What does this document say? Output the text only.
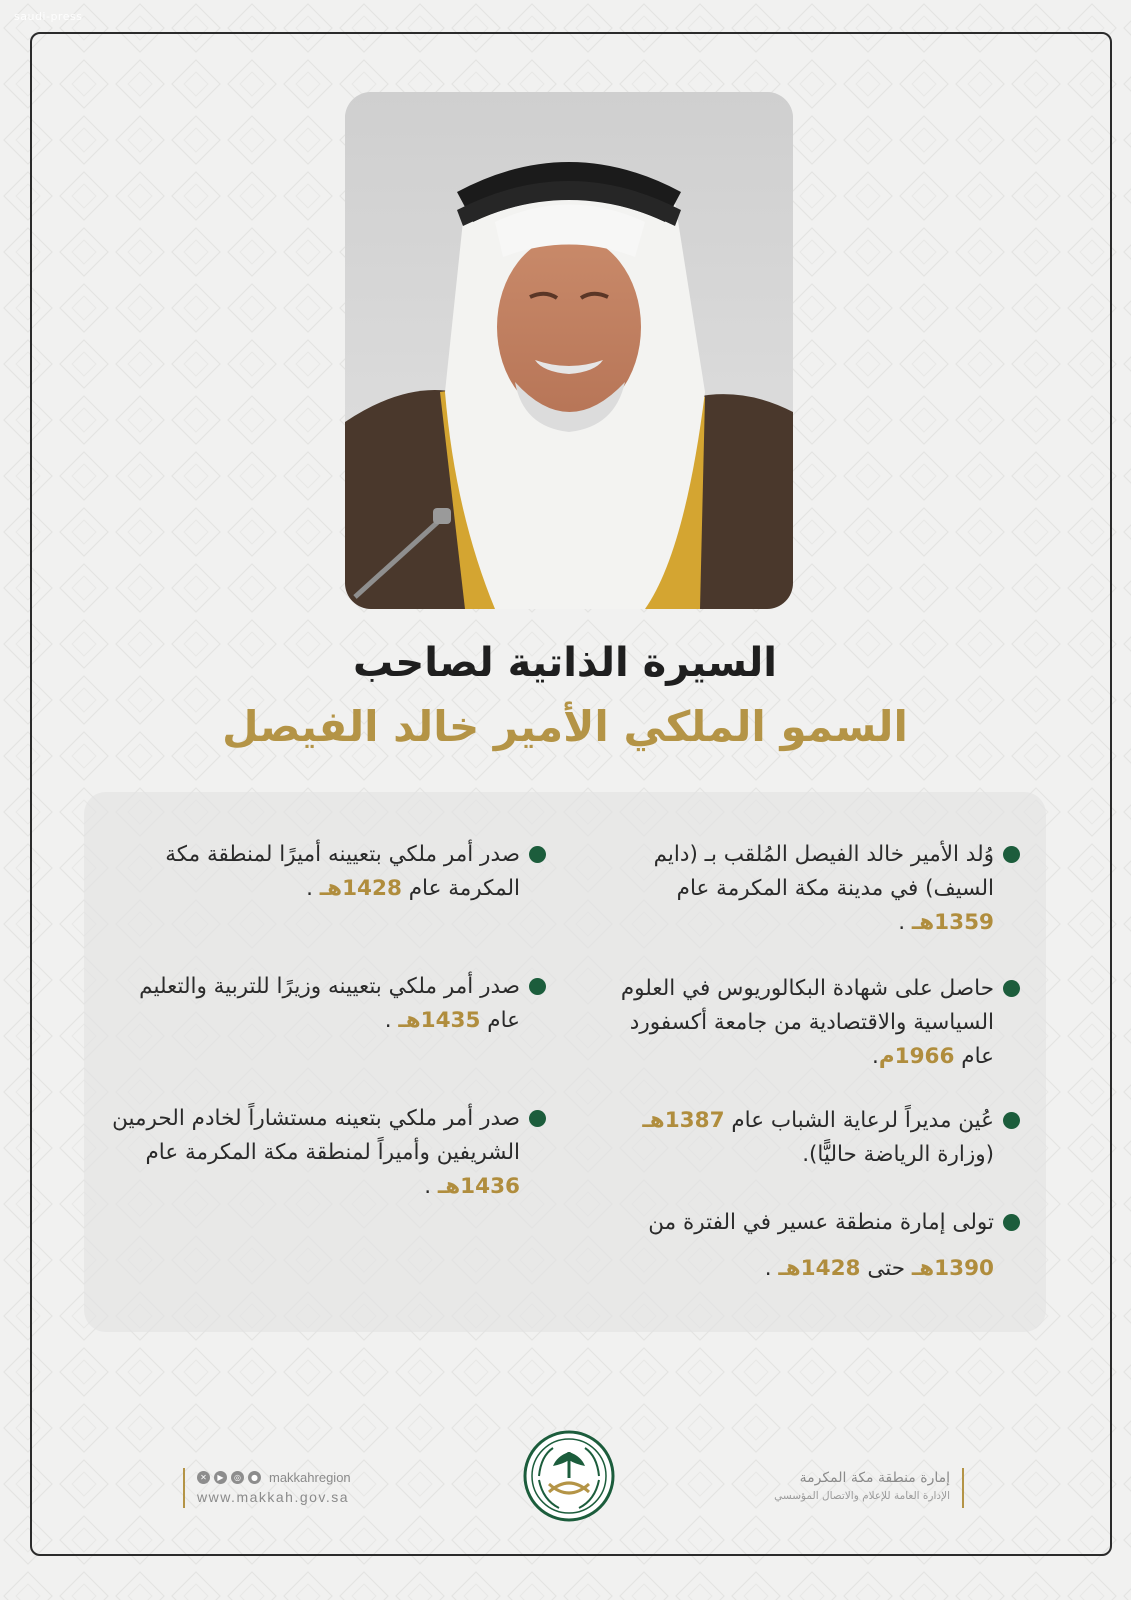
saudi-press
السيرة الذاتية لصاحب
السمو الملكي الأمير خالد الفيصل
وُلد الأمير خالد الفيصل المُلقب بـ (دايم السيف) في مدينة مكة المكرمة عام 1359هـ .
حاصل على شهادة البكالوريوس في العلوم السياسية والاقتصادية من جامعة أكسفورد عام 1966م.
عُين مديراً لرعاية الشباب عام 1387هـ (وزارة الرياضة حاليًّا).
تولى إمارة منطقة عسير في الفترة من 1390هـ حتى 1428هـ .
صدر أمر ملكي بتعيينه أميرًا لمنطقة مكة المكرمة عام 1428هـ .
صدر أمر ملكي بتعيينه وزيرًا للتربية والتعليم عام 1435هـ .
صدر أمر ملكي بتعينه مستشاراً لخادم الحرمين الشريفين وأميراً لمنطقة مكة المكرمة عام 1436هـ .
✕	▶	◎	● makkahregion
www.makkah.gov.sa
إمارة منطقة مكة المكرمة
الإدارة العامة للإعلام والاتصال المؤسسي
